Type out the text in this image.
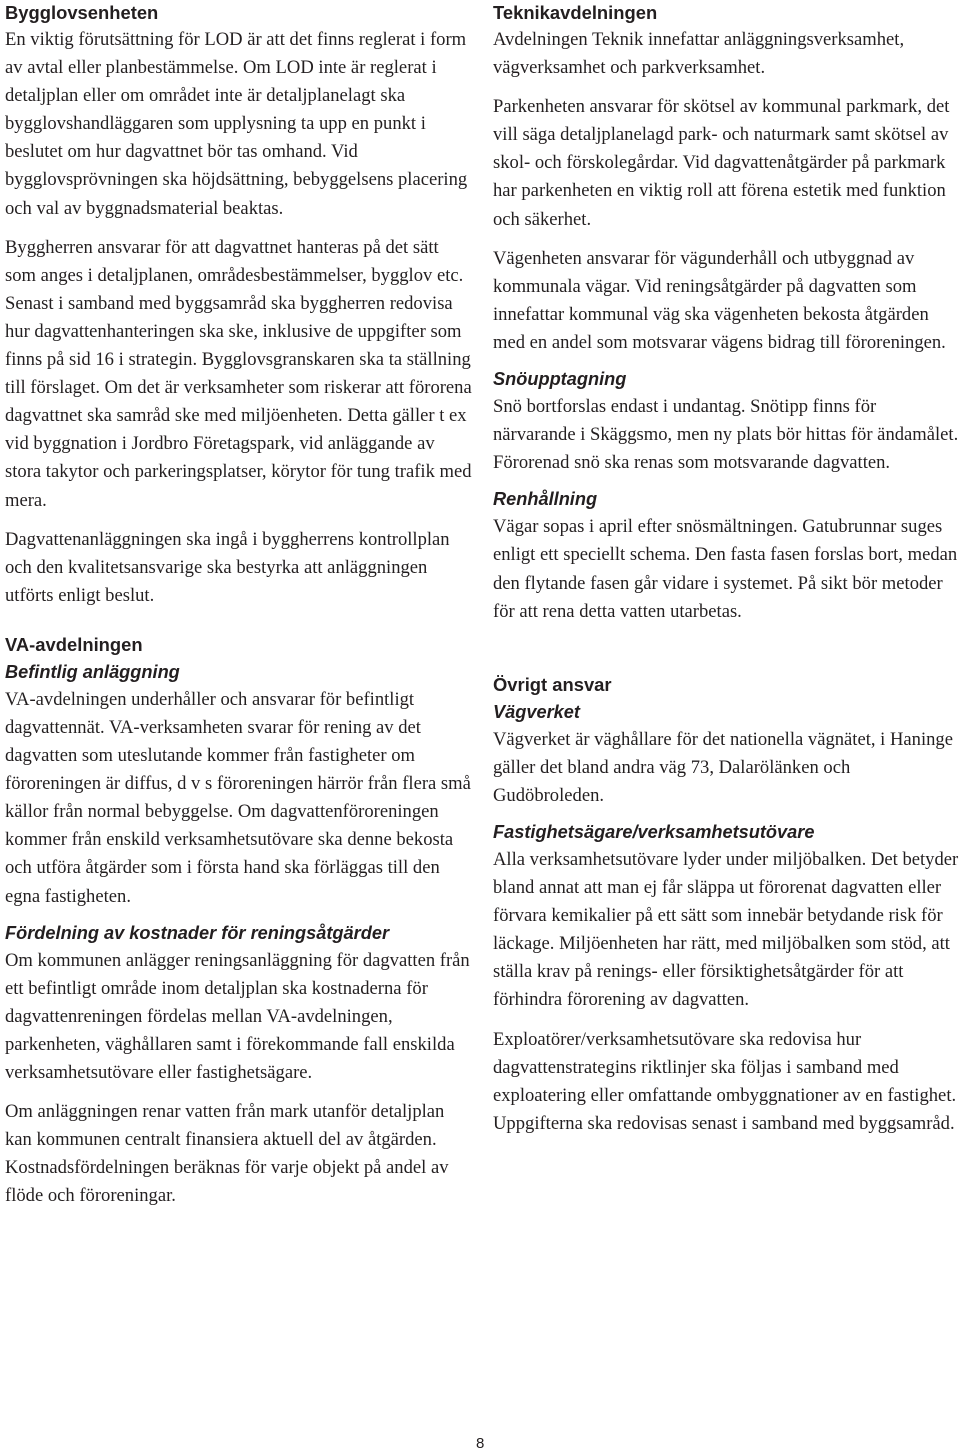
Bygglovsenheten

En viktig förutsättning för LOD är att det finns reglerat i form av avtal eller planbestämmelse. Om LOD inte är reglerat i detaljplan eller om området inte är detaljplanelagt ska bygglovshandläggaren som upplysning ta upp en punkt i beslutet om hur dagvattnet bör tas omhand. Vid bygglovsprövningen ska höjdsättning, bebyggelsens placering och val av byggnadsmaterial beaktas.

Byggherren ansvarar för att dagvattnet hanteras på det sätt som anges i detaljplanen, områdesbestämmelser, bygglov etc. Senast i samband med byggsamråd ska byggherren redovisa hur dagvattenhanteringen ska ske, inklusive de uppgifter som finns på sid 16 i strategin. Bygglovsgranskaren ska ta ställning till förslaget. Om det är verksamheter som riskerar att förorena dagvattnet ska samråd ske med miljöenheten. Detta gäller t ex vid byggnation i Jordbro Företagspark, vid anläggande av stora takytor och parkeringsplatser, körytor för tung trafik med mera.

Dagvattenanläggningen ska ingå i byggherrens kontrollplan och den kvalitetsansvarige ska bestyrka att anläggningen utförts enligt beslut.

VA-avdelningen
Befintlig anläggning

VA-avdelningen underhåller och ansvarar för befintligt dagvattennät. VA-verksamheten svarar för rening av det dagvatten som uteslutande kommer från fastigheter om föroreningen är diffus, d v s föroreningen härrör från flera små källor från normal bebyggelse. Om dagvattenföroreningen kommer från enskild verksamhetsutövare ska denne bekosta och utföra åtgärder som i första hand ska förläggas till den egna fastigheten.

Fördelning av kostnader för reningsåtgärder

Om kommunen anlägger reningsanläggning för dagvatten från ett befintligt område inom detaljplan ska kostnaderna för dagvattenreningen fördelas mellan VA-avdelningen, parkenheten, väghållaren samt i förekommande fall enskilda verksamhetsutövare eller fastighetsägare.

Om anläggningen renar vatten från mark utanför detaljplan kan kommunen centralt finansiera aktuell del av åtgärden. Kostnadsfördelningen beräknas för varje objekt på andel av flöde och föroreningar.

Teknikavdelningen

Avdelningen Teknik innefattar anläggningsverksamhet, vägverksamhet och parkverksamhet.

Parkenheten ansvarar för skötsel av kommunal parkmark, det vill säga detaljplanelagd park- och naturmark samt skötsel av skol- och förskolegårdar. Vid dagvattenåtgärder på parkmark har parkenheten en viktig roll att förena estetik med funktion och säkerhet.

Vägenheten ansvarar för vägunderhåll och utbyggnad av kommunala vägar. Vid reningsåtgärder på dagvatten som innefattar kommunal väg ska vägenheten bekosta åtgärden med en andel som motsvarar vägens bidrag till föroreningen.

Snöupptagning

Snö bortforslas endast i undantag. Snötipp finns för närvarande i Skäggsmo, men ny plats bör hittas för ändamålet. Förorenad snö ska renas som motsvarande dagvatten.

Renhållning

Vägar sopas i april efter snösmältningen. Gatubrunnar suges enligt ett speciellt schema. Den fasta fasen forslas bort, medan den flytande fasen går vidare i systemet. På sikt bör metoder för att rena detta vatten utarbetas.

Övrigt ansvar
Vägverket

Vägverket är väghållare för det nationella vägnätet, i Haninge gäller det bland andra väg 73, Dalarölänken och Gudöbroleden.

Fastighetsägare/verksamhetsutövare

Alla verksamhetsutövare lyder under miljöbalken. Det betyder bland annat att man ej får släppa ut förorenat dagvatten eller förvara kemikalier på ett sätt som innebär betydande risk för läckage. Miljöenheten har rätt, med miljöbalken som stöd, att ställa krav på renings- eller försiktighetsåtgärder för att förhindra förorening av dagvatten.

Exploatörer/verksamhetsutövare ska redovisa hur dagvattenstrategins riktlinjer ska följas i samband med exploatering eller omfattande ombyggnationer av en fastighet. Uppgifterna ska redovisas senast i samband med byggsamråd.

8
